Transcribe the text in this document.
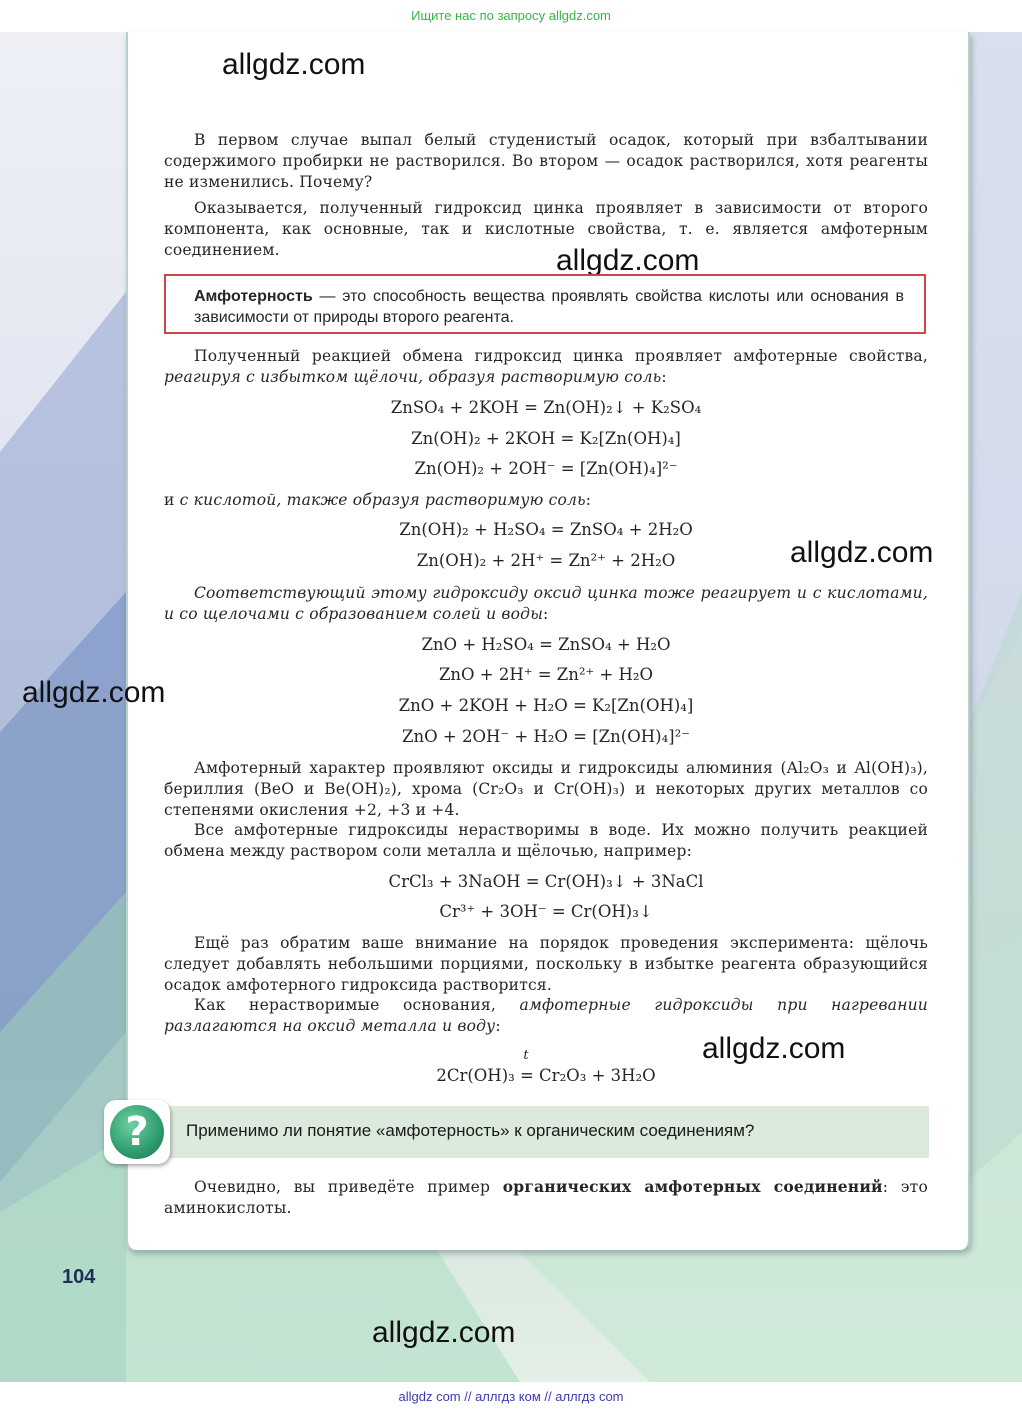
Ищите нас по запросу allgdz.com
allgdz.com
allgdz.com
allgdz.com
allgdz.com
allgdz.com
allgdz.com
В первом случае выпал белый студенистый осадок, который при взбалтывании содержимого пробирки не растворился. Во втором — осадок растворился, хотя реагенты не изменились. Почему?
Оказывается, полученный гидроксид цинка проявляет в зависимости от второго компонента, как основные, так и кислотные свойства, т. е. является амфотерным соединением.
Амфотерность — это способность вещества проявлять свойства кислоты или основания в зависимости от природы второго реагента.
Полученный реакцией обмена гидроксид цинка проявляет амфотерные свойства, реагируя с избытком щёлочи, образуя растворимую соль:
ZnSO₄ + 2KOH = Zn(OH)₂↓ + K₂SO₄
Zn(OH)₂ + 2KOH = K₂[Zn(OH)₄]
Zn(OH)₂ + 2OH⁻ = [Zn(OH)₄]²⁻
и с кислотой, также образуя растворимую соль:
Zn(OH)₂ + H₂SO₄ = ZnSO₄ + 2H₂O
Zn(OH)₂ + 2H⁺ = Zn²⁺ + 2H₂O
Соответствующий этому гидроксиду оксид цинка тоже реагирует и с кислотами, и со щелочами с образованием солей и воды:
ZnO + H₂SO₄ = ZnSO₄ + H₂O
ZnO + 2H⁺ = Zn²⁺ + H₂O
ZnO + 2KOH + H₂O = K₂[Zn(OH)₄]
ZnO + 2OH⁻ + H₂O = [Zn(OH)₄]²⁻
Амфотерный характер проявляют оксиды и гидроксиды алюминия (Al₂O₃ и Al(OH)₃), бериллия (BeO и Be(OH)₂), хрома (Cr₂O₃ и Cr(OH)₃) и некоторых других металлов со степенями окисления +2, +3 и +4.
Все амфотерные гидроксиды нерастворимы в воде. Их можно получить реакцией обмена между раствором соли металла и щёлочью, например:
CrCl₃ + 3NaOH = Cr(OH)₃↓ + 3NaCl
Cr³⁺ + 3OH⁻ = Cr(OH)₃↓
Ещё раз обратим ваше внимание на порядок проведения эксперимента: щёлочь следует добавлять небольшими порциями, поскольку в избытке реагента образующийся осадок амфотерного гидроксида растворится.
Как нерастворимые основания, амфотерные гидроксиды при нагревании разлагаются на оксид металла и воду:
t
2Cr(OH)₃ = Cr₂O₃ + 3H₂O
Применимо ли понятие «амфотерность» к органическим соединениям?
?
Очевидно, вы приведёте пример органических амфотерных соединений: это аминокислоты.
104
allgdz com // аллгдз ком // аллгдз com
